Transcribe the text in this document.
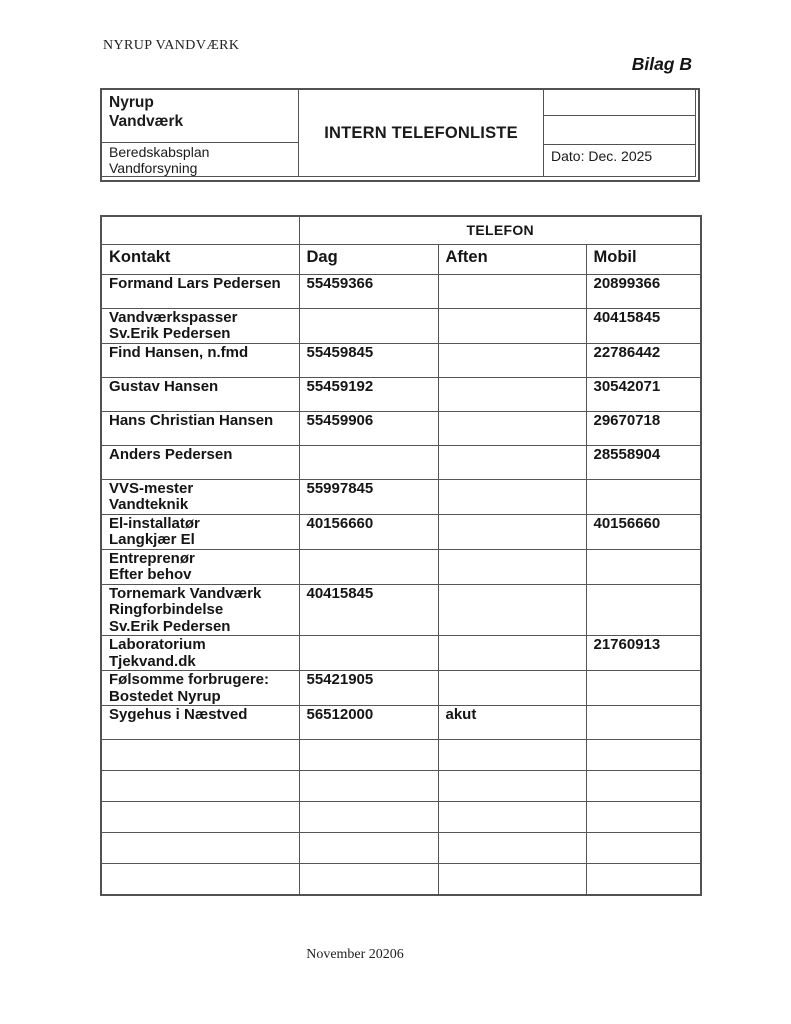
NYRUP VANDVÆRK
Bilag B
Nyrup
Vandværk
Beredskabsplan
Vandforsyning
INTERN TELEFONLISTE
Dato: Dec. 2025
	TELEFON		
Kontakt	Dag	Aften	Mobil
Formand Lars Pedersen	55459366		20899366
Vandværkspasser
Sv.Erik Pedersen			40415845
Find Hansen, n.fmd	55459845		22786442
Gustav Hansen	55459192		30542071
Hans Christian Hansen	55459906		29670718
Anders Pedersen			28558904
VVS-mester
Vandteknik	55997845		
El-installatør
Langkjær El	40156660		40156660
Entreprenør
Efter behov			
Tornemark Vandværk
Ringforbindelse
Sv.Erik Pedersen	40415845		
Laboratorium
Tjekvand.dk			21760913
Følsomme forbrugere:
Bostedet Nyrup	55421905		
Sygehus i Næstved	56512000	akut	

November 20206
